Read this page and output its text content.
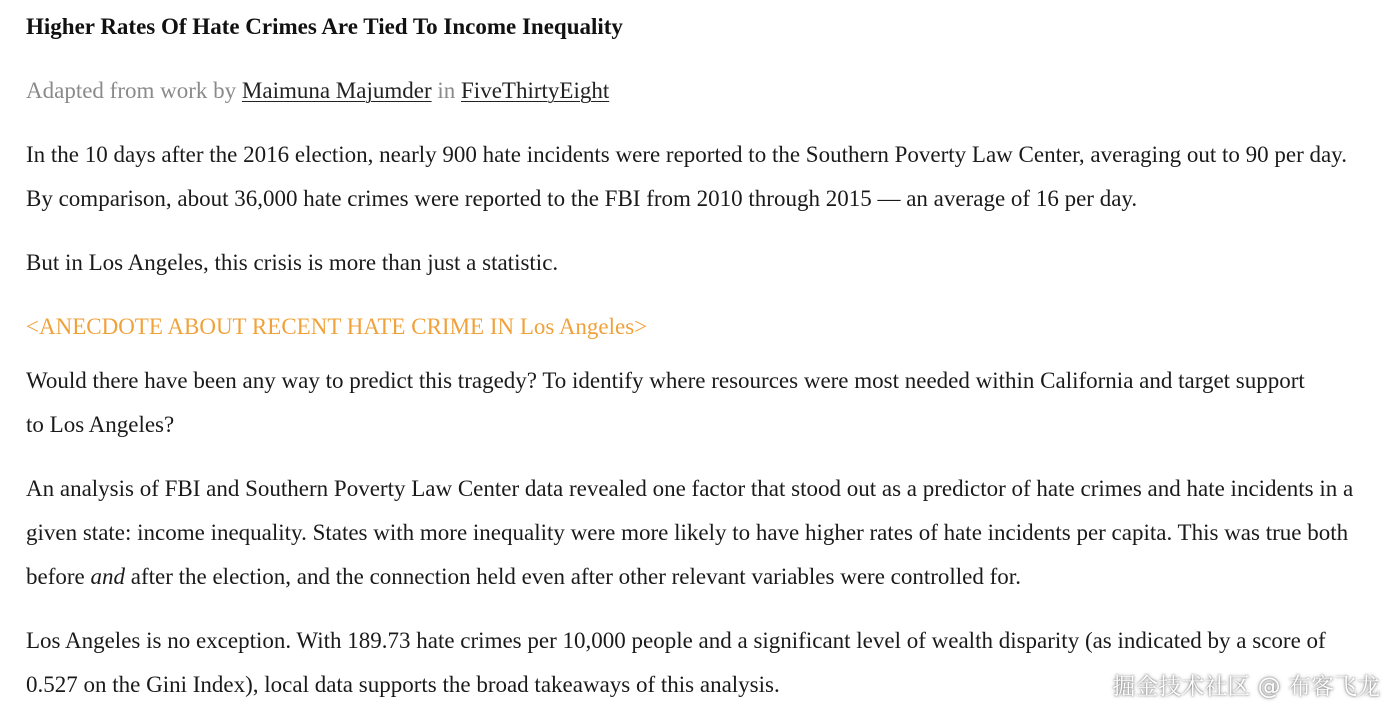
Higher Rates Of Hate Crimes Are Tied To Income Inequality

Adapted from work by Maimuna Majumder in FiveThirtyEight

In the 10 days after the 2016 election, nearly 900 hate incidents were reported to the Southern Poverty Law Center, averaging out to 90 per day. By comparison, about 36,000 hate crimes were reported to the FBI from 2010 through 2015 — an average of 16 per day.

But in Los Angeles, this crisis is more than just a statistic.

<ANECDOTE ABOUT RECENT HATE CRIME IN Los Angeles>

Would there have been any way to predict this tragedy? To identify where resources were most needed within California and target support to Los Angeles?

An analysis of FBI and Southern Poverty Law Center data revealed one factor that stood out as a predictor of hate crimes and hate incidents in a given state: income inequality. States with more inequality were more likely to have higher rates of hate incidents per capita. This was true both before and after the election, and the connection held even after other relevant variables were controlled for.

Los Angeles is no exception. With 189.73 hate crimes per 10,000 people and a significant level of wealth disparity (as indicated by a score of 0.527 on the Gini Index), local data supports the broad takeaways of this analysis.	掘金技术社区 @ 布客飞龙
